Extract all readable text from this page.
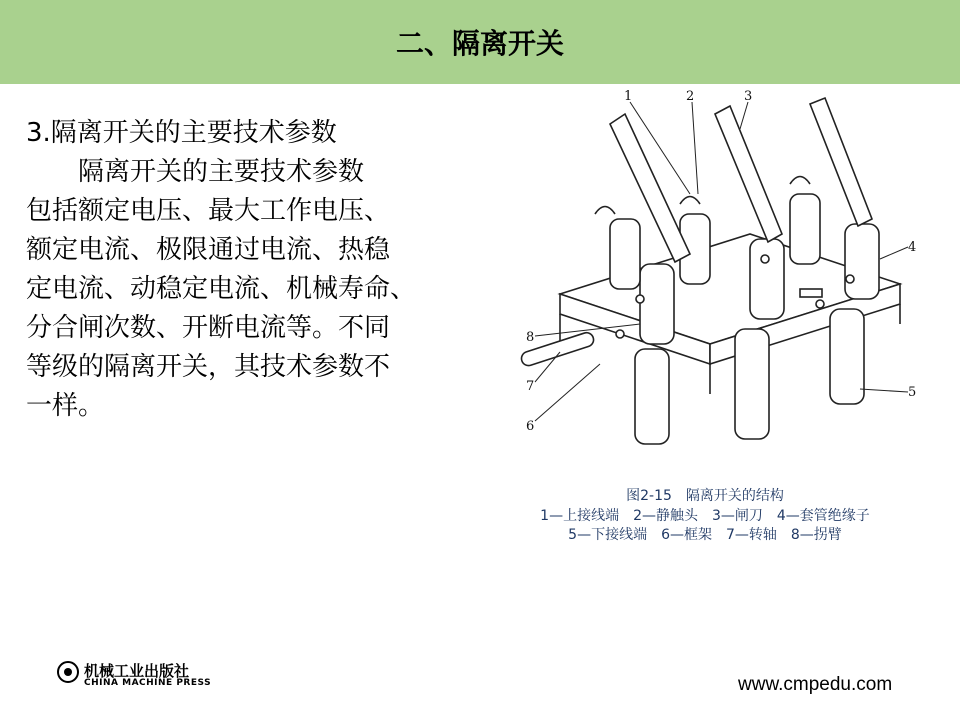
二、隔离开关
3.隔离开关的主要技术参数
　　隔离开关的主要技术参数
包括额定电压、最大工作电压、
额定电流、极限通过电流、热稳
定电流、动稳定电流、机械寿命、
分合闸次数、开断电流等。不同
等级的隔离开关，其技术参数不
一样。
1	2	3
4
5
6
7
8
图2-15　隔离开关的结构
1—上接线端　2—静触头　3—闸刀　4—套管绝缘子
5—下接线端　6—框架　7—转轴　8—拐臂
机械工业出版社
CHINA MACHINE PRESS	www.cmpedu.com
